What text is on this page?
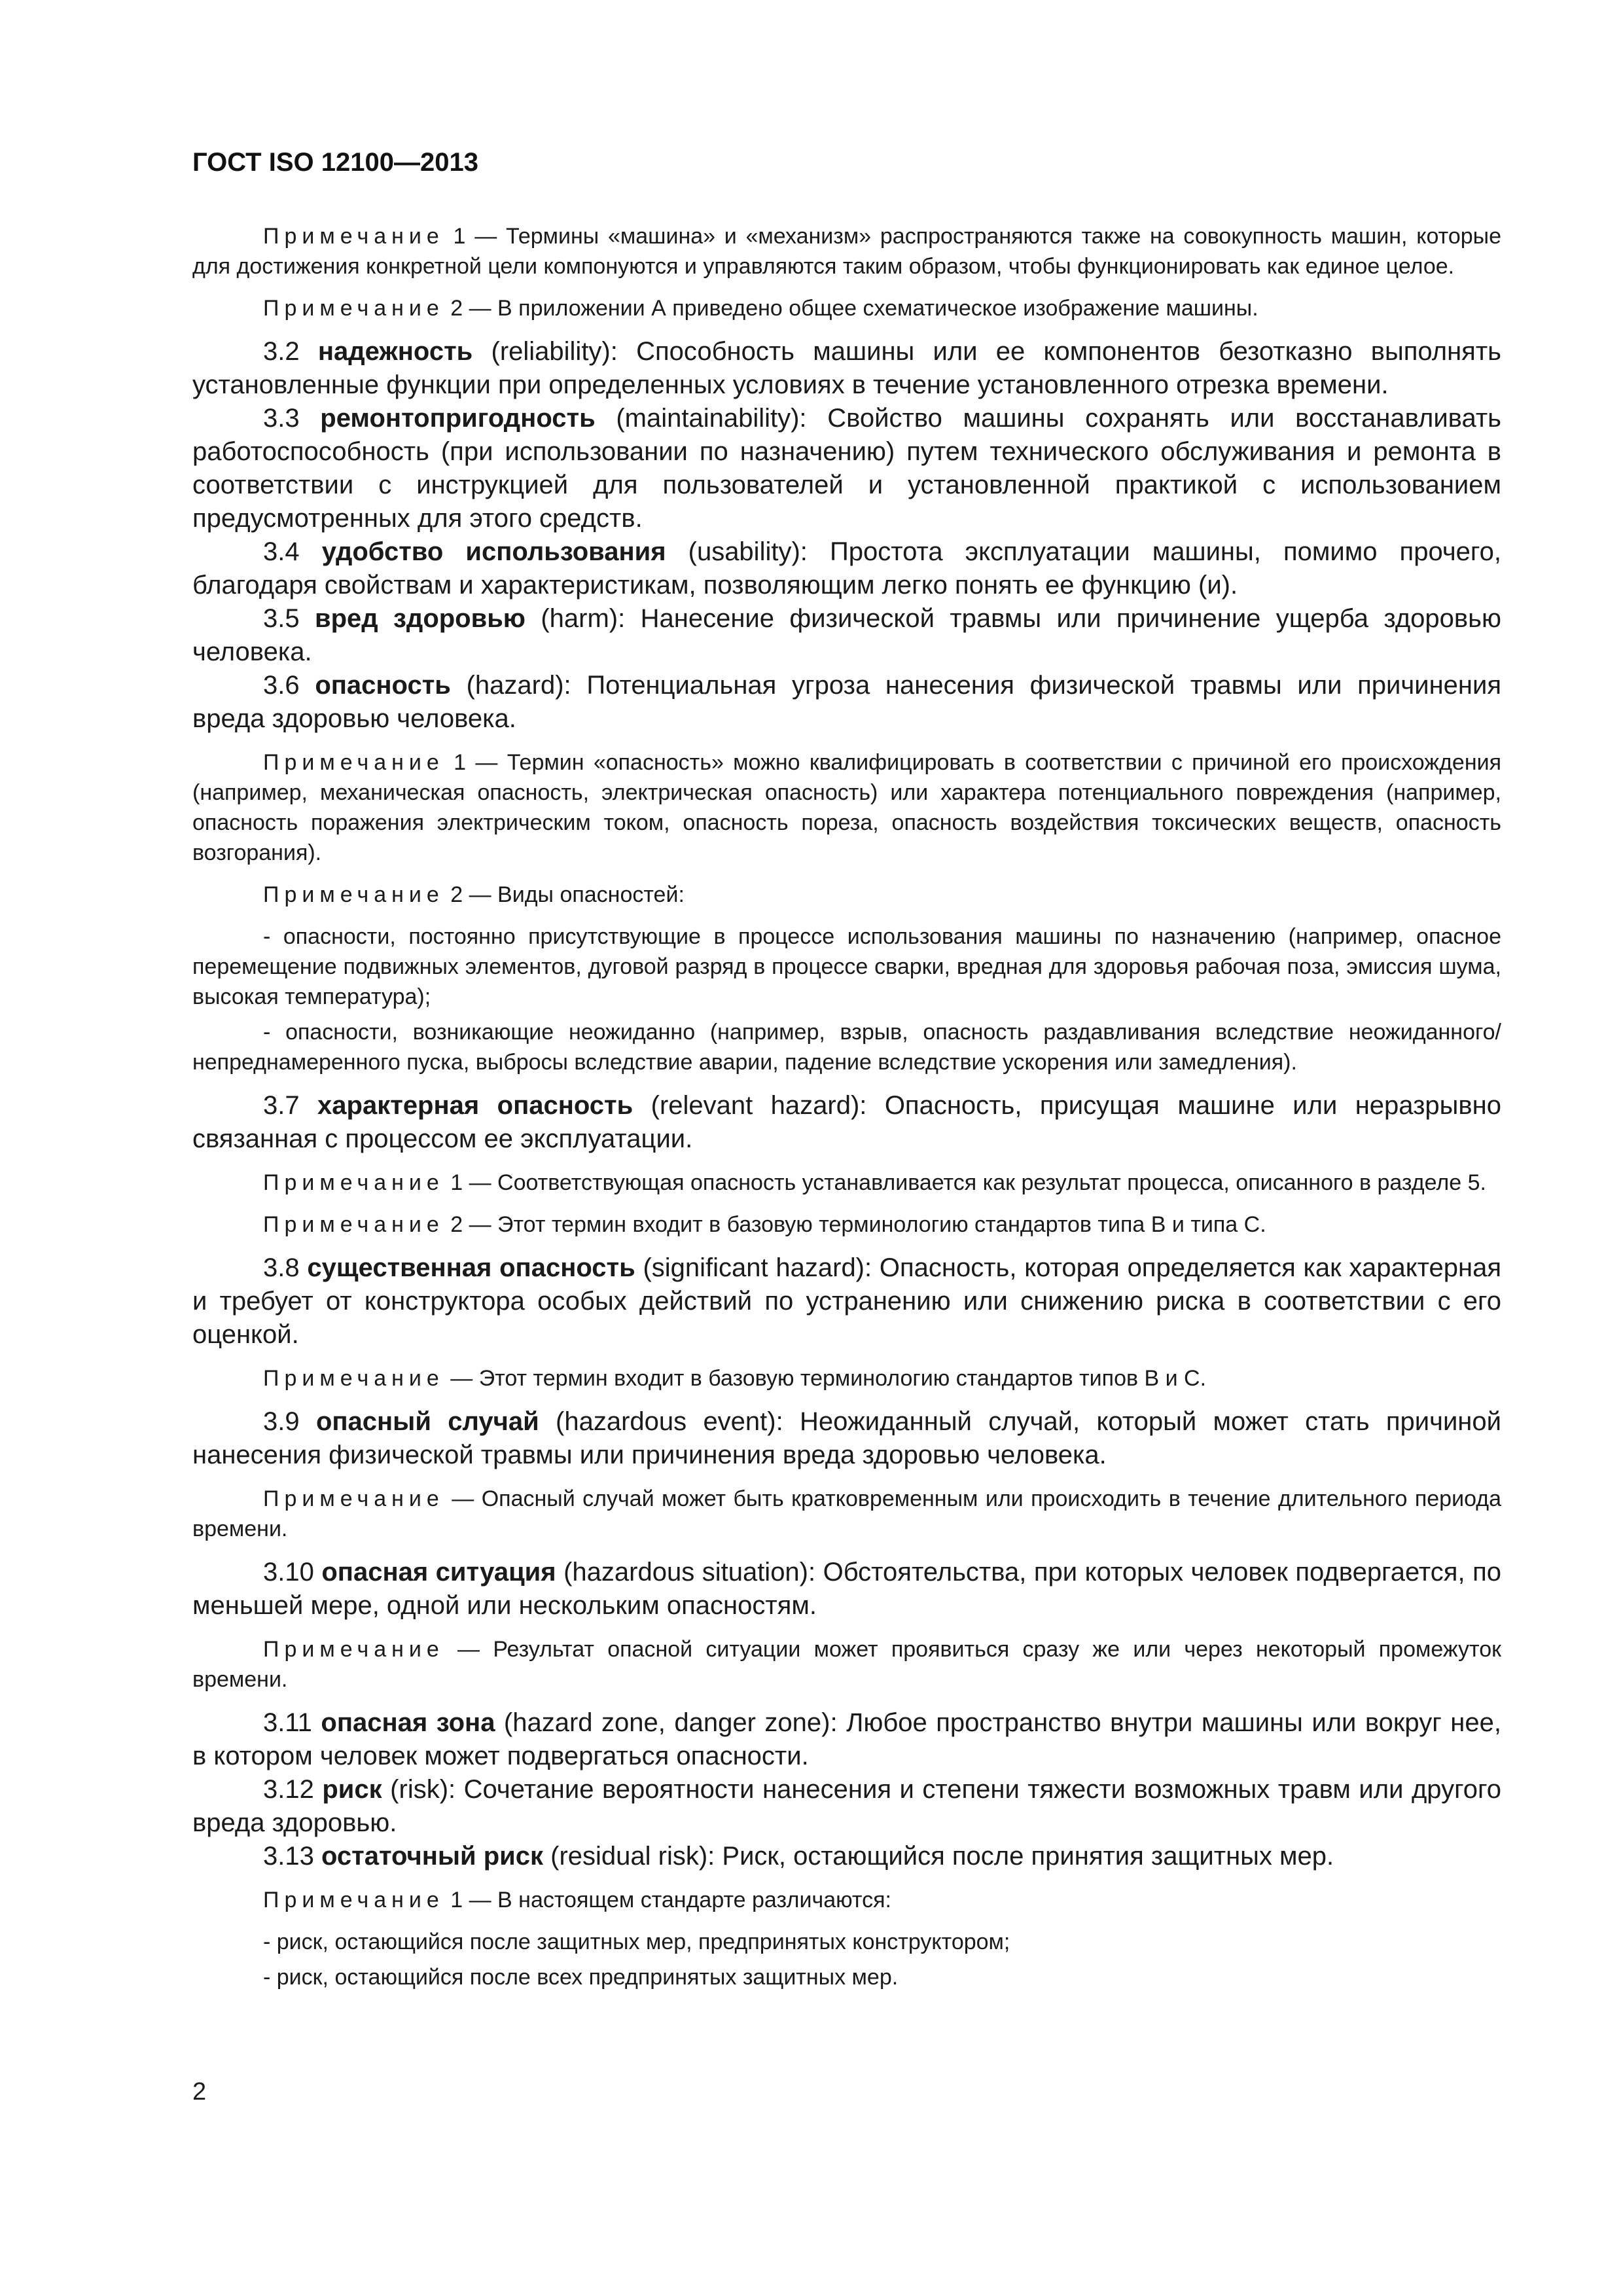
ГОСТ ISO 12100—2013

Примечание 1 — Термины «машина» и «механизм» распространяются также на совокупность машин, которые для достижения конкретной цели компонуются и управляются таким образом, чтобы функционировать как единое целое.

Примечание 2 — В приложении А приведено общее схематическое изображение машины.

3.2 надежность (reliability): Способность машины или ее компонентов безотказно выполнять установленные функции при определенных условиях в течение установленного отрезка времени.

3.3 ремонтопригодность (maintainability): Свойство машины сохранять или восстанавливать работоспособность (при использовании по назначению) путем технического обслуживания и ремонта в соответствии с инструкцией для пользователей и установленной практикой с использованием предусмотренных для этого средств.

3.4 удобство использования (usability): Простота эксплуатации машины, помимо прочего, благодаря свойствам и характеристикам, позволяющим легко понять ее функцию (и).

3.5 вред здоровью (harm): Нанесение физической травмы или причинение ущерба здоровью человека.

3.6 опасность (hazard): Потенциальная угроза нанесения физической травмы или причинения вреда здоровью человека.

Примечание 1 — Термин «опасность» можно квалифицировать в соответствии с причиной его происхождения (например, механическая опасность, электрическая опасность) или характера потенциального повреждения (например, опасность поражения электрическим током, опасность пореза, опасность воздействия токсических веществ, опасность возгорания).

Примечание 2 — Виды опасностей:

- опасности, постоянно присутствующие в процессе использования машины по назначению (например, опасное перемещение подвижных элементов, дуговой разряд в процессе сварки, вредная для здоровья рабочая поза, эмиссия шума, высокая температура);

- опасности, возникающие неожиданно (например, взрыв, опасность раздавливания вследствие неожиданного/непреднамеренного пуска, выбросы вследствие аварии, падение вследствие ускорения или замедления).

3.7 характерная опасность (relevant hazard): Опасность, присущая машине или неразрывно связанная с процессом ее эксплуатации.

Примечание 1 — Соответствующая опасность устанавливается как результат процесса, описанного в разделе 5.

Примечание 2 — Этот термин входит в базовую терминологию стандартов типа В и типа С.

3.8 существенная опасность (significant hazard): Опасность, которая определяется как характерная и требует от конструктора особых действий по устранению или снижению риска в соответствии с его оценкой.

Примечание — Этот термин входит в базовую терминологию стандартов типов В и С.

3.9 опасный случай (hazardous event): Неожиданный случай, который может стать причиной нанесения физической травмы или причинения вреда здоровью человека.

Примечание — Опасный случай может быть кратковременным или происходить в течение длительного периода времени.

3.10 опасная ситуация (hazardous situation): Обстоятельства, при которых человек подвергается, по меньшей мере, одной или нескольким опасностям.

Примечание — Результат опасной ситуации может проявиться сразу же или через некоторый промежуток времени.

3.11 опасная зона (hazard zone, danger zone): Любое пространство внутри машины или вокруг нее, в котором человек может подвергаться опасности.

3.12 риск (risk): Сочетание вероятности нанесения и степени тяжести возможных травм или другого вреда здоровью.

3.13 остаточный риск (residual risk): Риск, остающийся после принятия защитных мер.

Примечание 1 — В настоящем стандарте различаются:

- риск, остающийся после защитных мер, предпринятых конструктором;

- риск, остающийся после всех предпринятых защитных мер.

2
